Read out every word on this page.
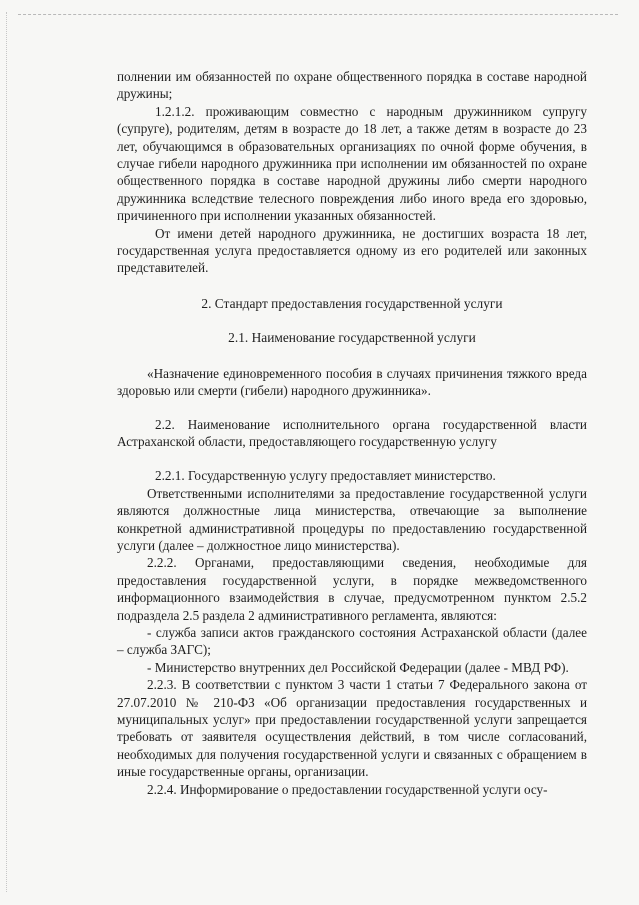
полнении им обязанностей по охране общественного порядка в составе народной дружины;

1.2.1.2. проживающим совместно с народным дружинником супругу (супруге), родителям, детям в возрасте до 18 лет, а также детям в возрасте до 23 лет, обучающимся в образовательных организациях по очной форме обучения, в случае гибели народного дружинника при исполнении им обязанностей по охране общественного порядка в составе народной дружины либо смерти народного дружинника вследствие телесного повреждения либо иного вреда его здоровью, причиненного при исполнении указанных обязанностей.

От имени детей народного дружинника, не достигших возраста 18 лет, государственная услуга предоставляется одному из его родителей или законных представителей.

2. Стандарт предоставления государственной услуги

2.1. Наименование государственной услуги

«Назначение единовременного пособия в случаях причинения тяжкого вреда здоровью или смерти (гибели) народного дружинника».

2.2. Наименование исполнительного органа государственной власти Астраханской области, предоставляющего государственную услугу

2.2.1. Государственную услугу предоставляет министерство.

Ответственными исполнителями за предоставление государственной услуги являются должностные лица министерства, отвечающие за выполнение конкретной административной процедуры по предоставлению государственной услуги (далее – должностное лицо министерства).

2.2.2. Органами, предоставляющими сведения, необходимые для предоставления государственной услуги, в порядке межведомственного информационного взаимодействия в случае, предусмотренном пунктом 2.5.2 подраздела 2.5 раздела 2 административного регламента, являются:

- служба записи актов гражданского состояния Астраханской области (далее – служба ЗАГС);

- Министерство внутренних дел Российской Федерации (далее - МВД РФ).

2.2.3. В соответствии с пунктом 3 части 1 статьи 7 Федерального закона от 27.07.2010 № 210-ФЗ «Об организации предоставления государственных и муниципальных услуг» при предоставлении государственной услуги запрещается требовать от заявителя осуществления действий, в том числе согласований, необходимых для получения государственной услуги и связанных с обращением в иные государственные органы, организации.

2.2.4. Информирование о предоставлении государственной услуги осу-
